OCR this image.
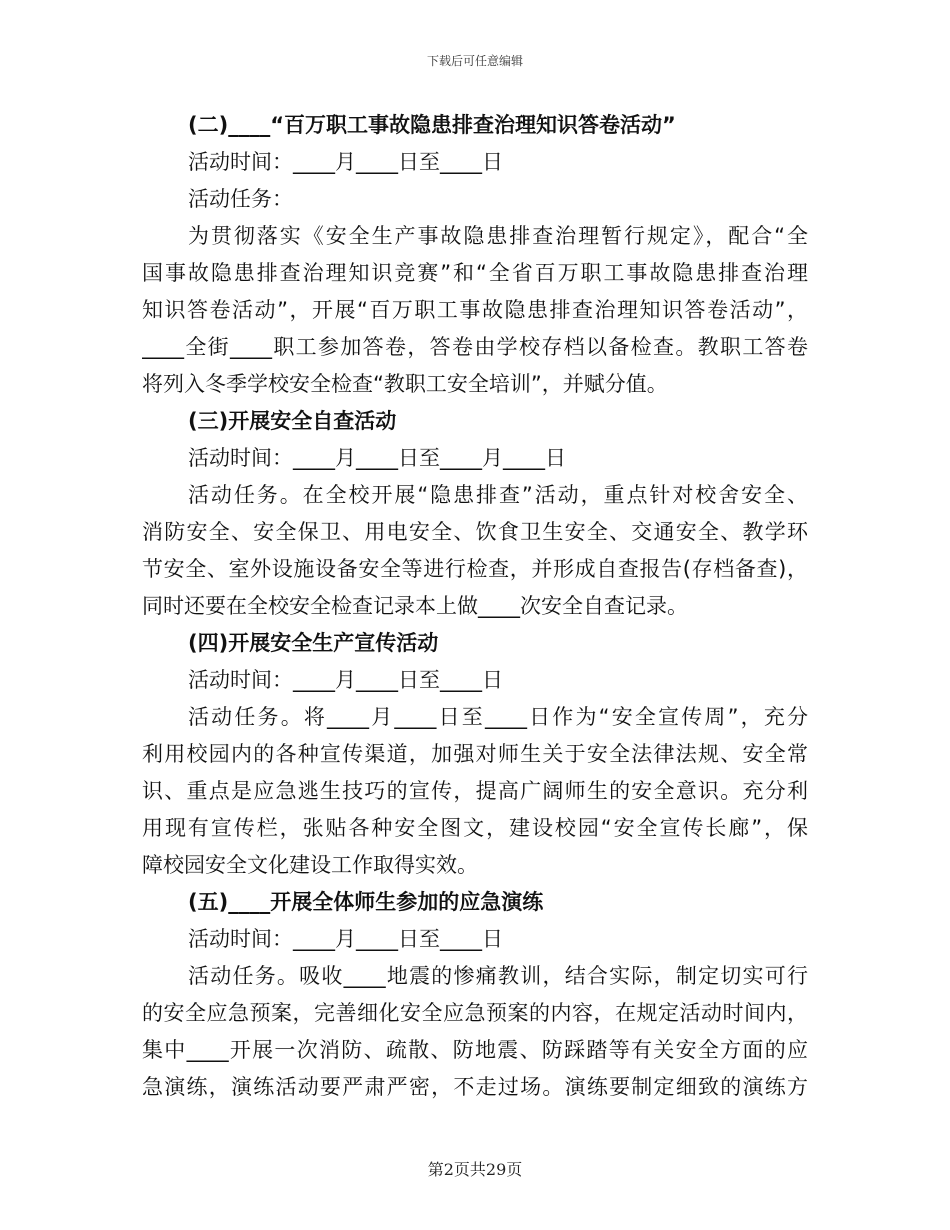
下载后可任意编辑
(二)____“百万职工事故隐患排查治理知识答卷活动”
活动时间：____月____日至____日
活动任务：
为贯彻落实《安全生产事故隐患排查治理暂行规定》，配合“全
国事故隐患排查治理知识竞赛”和“全省百万职工事故隐患排查治理
知识答卷活动”，开展“百万职工事故隐患排查治理知识答卷活动”，
____全街____职工参加答卷，答卷由学校存档以备检查。教职工答卷
将列入冬季学校安全检查“教职工安全培训”，并赋分值。
(三)开展安全自查活动
活动时间：____月____日至____月____日
活动任务。在全校开展“隐患排查”活动，重点针对校舍安全、
消防安全、安全保卫、用电安全、饮食卫生安全、交通安全、教学环
节安全、室外设施设备安全等进行检查，并形成自查报告(存档备查)，
同时还要在全校安全检查记录本上做____次安全自查记录。
(四)开展安全生产宣传活动
活动时间：____月____日至____日
活动任务。将____月____日至____日作为“安全宣传周”，充分
利用校园内的各种宣传渠道，加强对师生关于安全法律法规、安全常
识、重点是应急逃生技巧的宣传，提高广阔师生的安全意识。充分利
用现有宣传栏，张贴各种安全图文，建设校园“安全宣传长廊”，保
障校园安全文化建设工作取得实效。
(五)____开展全体师生参加的应急演练
活动时间：____月____日至____日
活动任务。吸收____地震的惨痛教训，结合实际，制定切实可行
的安全应急预案，完善细化安全应急预案的内容，在规定活动时间内，
集中____开展一次消防、疏散、防地震、防踩踏等有关安全方面的应
急演练，演练活动要严肃严密，不走过场。演练要制定细致的演练方
第2页共29页
